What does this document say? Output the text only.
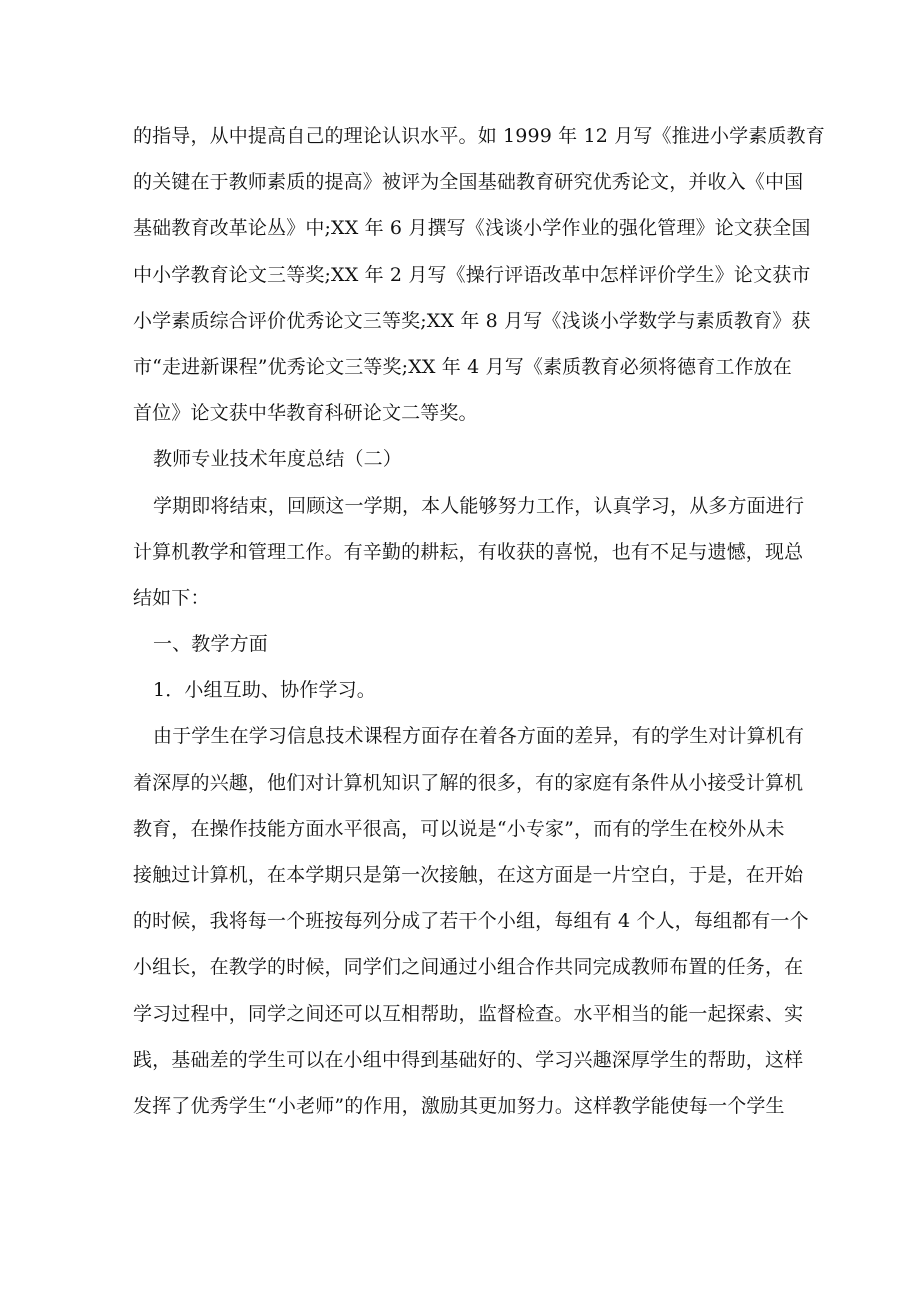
的指导，从中提高自己的理论认识水平。如 1999 年 12 月写《推进小学素质教育
的关键在于教师素质的提高》被评为全国基础教育研究优秀论文，并收入《中国
基础教育改革论丛》中;XX 年 6 月撰写《浅谈小学作业的强化管理》论文获全国
中小学教育论文三等奖;XX 年 2 月写《操行评语改革中怎样评价学生》论文获市
小学素质综合评价优秀论文三等奖;XX 年 8 月写《浅谈小学数学与素质教育》获
市“走进新课程”优秀论文三等奖;XX 年 4 月写《素质教育必须将德育工作放在
首位》论文获中华教育科研论文二等奖。
教师专业技术年度总结（二）
学期即将结束，回顾这一学期，本人能够努力工作，认真学习，从多方面进行
计算机教学和管理工作。有辛勤的耕耘，有收获的喜悦，也有不足与遗憾，现总
结如下：
一、教学方面
1．小组互助、协作学习。
由于学生在学习信息技术课程方面存在着各方面的差异，有的学生对计算机有
着深厚的兴趣，他们对计算机知识了解的很多，有的家庭有条件从小接受计算机
教育，在操作技能方面水平很高，可以说是“小专家”，而有的学生在校外从未
接触过计算机，在本学期只是第一次接触，在这方面是一片空白，于是，在开始
的时候，我将每一个班按每列分成了若干个小组，每组有 4 个人，每组都有一个
小组长，在教学的时候，同学们之间通过小组合作共同完成教师布置的任务，在
学习过程中，同学之间还可以互相帮助，监督检查。水平相当的能一起探索、实
践，基础差的学生可以在小组中得到基础好的、学习兴趣深厚学生的帮助，这样
发挥了优秀学生“小老师”的作用，激励其更加努力。这样教学能使每一个学生
